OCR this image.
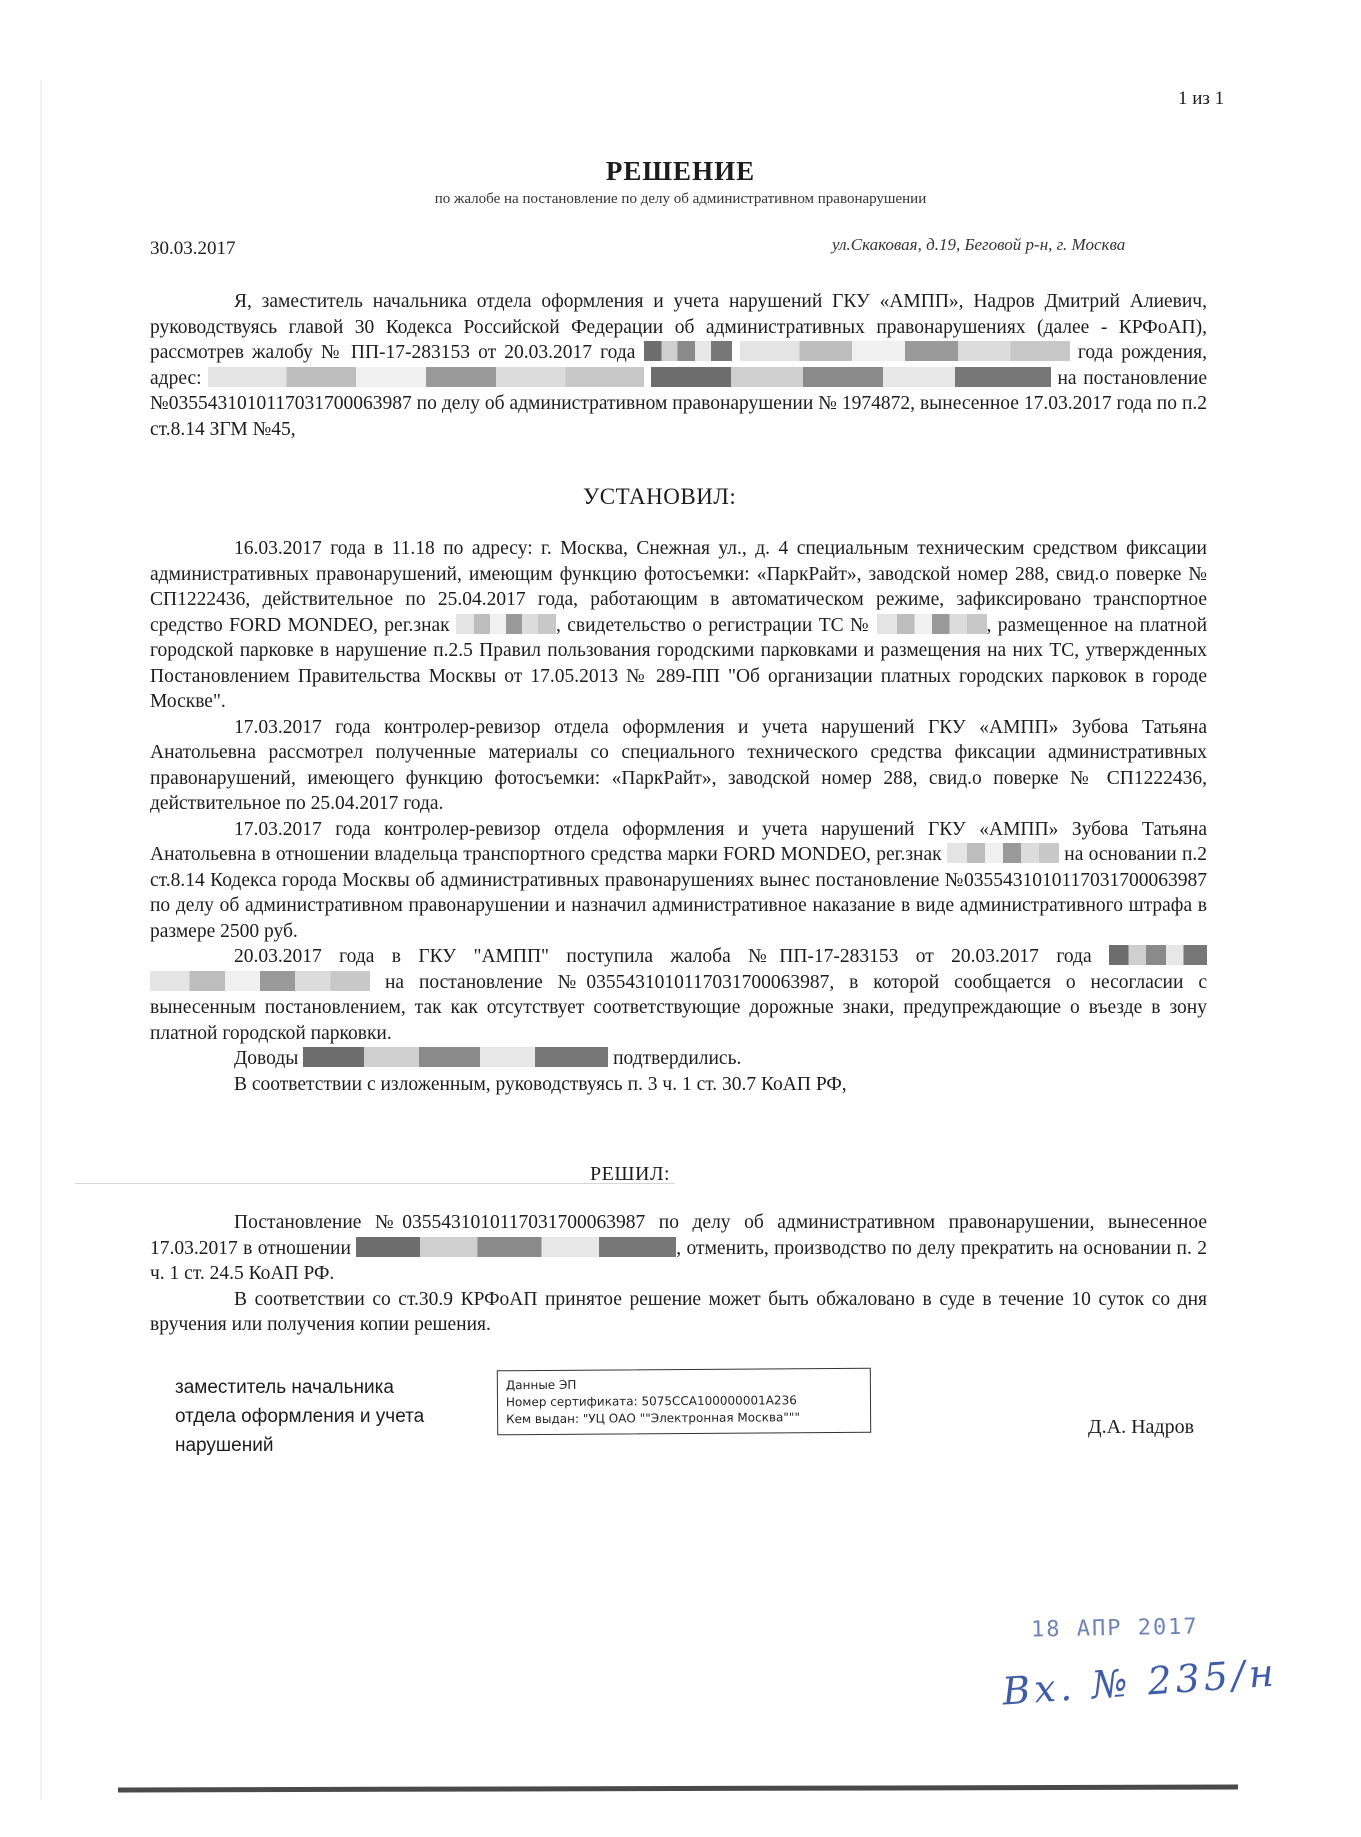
1 из 1
РЕШЕНИЕ
по жалобе на постановление по делу об административном правонарушении
30.03.2017	ул.Скаковая, д.19, Беговой р-н, г. Москва

Я, заместитель начальника отдела оформления и учета нарушений ГКУ «АМПП», Надров Дмитрий Алиевич, руководствуясь главой 30 Кодекса Российской Федерации об административных правонарушениях (далее - КРФоАП), рассмотрев жалобу № ПП-17-283153 от 20.03.2017 года	года рождения, адрес:	на постановление №0355431010117031700063987 по делу об административном правонарушении № 1974872, вынесенное 17.03.2017 года по п.2 ст.8.14 ЗГМ №45,

УСТАНОВИЛ:

16.03.2017 года в 11.18 по адресу: г. Москва, Снежная ул., д. 4 специальным техническим средством фиксации административных правонарушений, имеющим функцию фотосъемки: «ПаркРайт», заводской номер 288, свид.о поверке № СП1222436, действительное по 25.04.2017 года, работающим в автоматическом режиме, зафиксировано транспортное средство FORD MONDEO, рег.знак	, свидетельство о регистрации ТС №	, размещенное на платной городской парковке в нарушение п.2.5 Правил пользования городскими парковками и размещения на них ТС, утвержденных Постановлением Правительства Москвы от 17.05.2013 № 289-ПП "Об организации платных городских парковок в городе Москве".

17.03.2017 года контролер-ревизор отдела оформления и учета нарушений ГКУ «АМПП» Зубова Татьяна Анатольевна рассмотрел полученные материалы со специального технического средства фиксации административных правонарушений, имеющего функцию фотосъемки: «ПаркРайт», заводской номер 288, свид.о поверке № СП1222436, действительное по 25.04.2017 года.

17.03.2017 года контролер-ревизор отдела оформления и учета нарушений ГКУ «АМПП» Зубова Татьяна Анатольевна в отношении владельца транспортного средства марки FORD MONDEO, рег.знак	на основании п.2 ст.8.14 Кодекса города Москвы об административных правонарушениях вынес постановление №0355431010117031700063987 по делу об административном правонарушении и назначил административное наказание в виде административного штрафа в размере 2500 руб.

20.03.2017 года в ГКУ "АМПП" поступила жалоба №ПП-17-283153 от 20.03.2017 года   на постановление №0355431010117031700063987, в которой сообщается о несогласии с вынесенным постановлением, так как отсутствует соответствующие дорожные знаки, предупреждающие о въезде в зону платной городской парковки.

Доводы	подтвердились.

В соответствии с изложенным, руководствуясь п. 3 ч. 1 ст. 30.7 КоАП РФ,

РЕШИЛ:

Постановление №0355431010117031700063987 по делу об административном правонарушении, вынесенное 17.03.2017 в отношении	, отменить, производство по делу прекратить на основании п. 2 ч. 1 ст. 24.5 КоАП РФ.

В соответствии со ст.30.9 КРФоАП принятое решение может быть обжаловано в суде в течение 10 суток со дня вручения или получения копии решения.

заместитель начальника
отдела оформления и учета
нарушений
Данные ЭП
Номер сертификата: 5075CCA100000001A236
Кем выдан: "УЦ ОАО ""Электронная Москва"""	Д.А. Надров
18 АПР 2017
Вх. № 235/н
